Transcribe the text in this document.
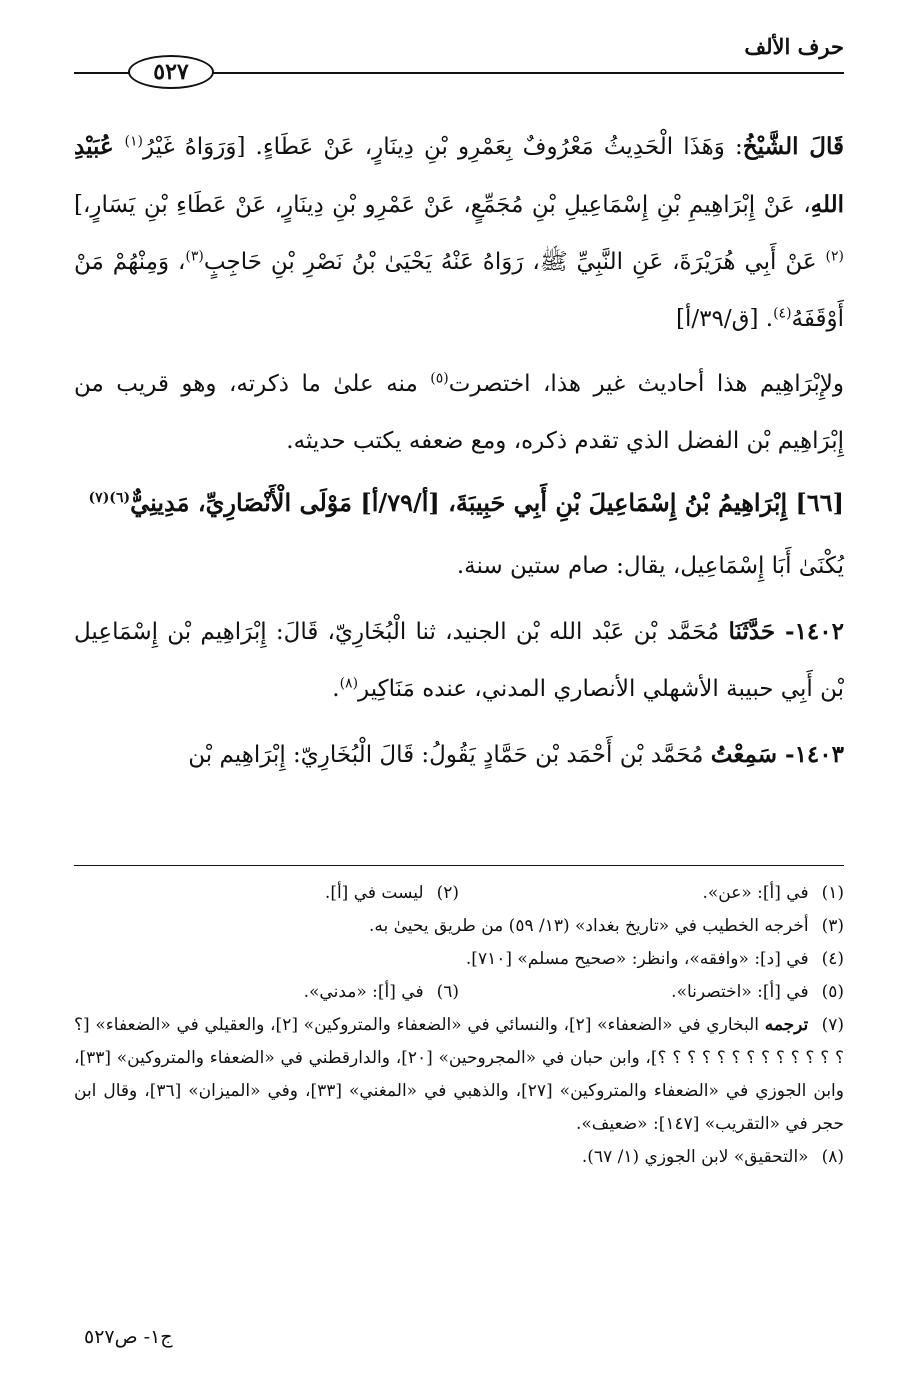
حرف الألف
٥٢٧

قَالَ الشَّيْخُ: وَهَذَا الْحَدِيثُ مَعْرُوفٌ بِعَمْرِو بْنِ دِينَارٍ، عَنْ عَطَاءٍ. [وَرَوَاهُ غَيْرُ$^{(١)}$ عُبَيْدِ اللهِ، عَنْ إِبْرَاهِيمِ بْنِ إِسْمَاعِيلِ بْنِ مُجَمِّعٍ، عَنْ عَمْرِو بْنِ دِينَارٍ، عَنْ عَطَاءِ بْنِ يَسَارٍ،]$^{(٢)}$ عَنْ أَبِي هُرَيْرَةَ، عَنِ النَّبِيِّ ﷺ، رَوَاهُ عَنْهُ يَحْيَىٰ بْنُ نَصْرِ بْنِ حَاجِبٍ$^{(٣)}$، وَمِنْهُمْ مَنْ أَوْقَفَهُ$^{(٤)}$. [ق/٣٩/أ]

ولإِبْرَاهِيم هذا أحاديث غير هذا، اختصرت$^{(٥)}$ منه علىٰ ما ذكرته، وهو قريب من إِبْرَاهِيم بْن الفضل الذي تقدم ذكره، ومع ضعفه يكتب حديثه.

[٦٦] إِبْرَاهِيمُ بْنُ إِسْمَاعِيلَ بْنِ أَبِي حَبِيبَةَ، [أ/٧٩/أ] مَوْلَى الْأَنْصَارِيِّ، مَدِينِيٌّ$^{(٦)(٧)}$

يُكْنَىٰ أَبَا إِسْمَاعِيل، يقال: صام ستين سنة.

١٤٠٢- حَدَّثَنَا مُحَمَّد بْن عَبْد الله بْن الجنيد، ثنا الْبُخَارِيّ، قَالَ: إِبْرَاهِيم بْن إِسْمَاعِيل بْن أَبِي حبيبة الأشهلي الأنصاري المدني، عنده مَنَاكِير$^{(٨)}$.

١٤٠٣- سَمِعْتُ مُحَمَّد بْن أَحْمَد بْن حَمَّادٍ يَقُولُ: قَالَ الْبُخَارِيّ: إِبْرَاهِيم بْن

(١) في [أ]: «عن».

(٢) ليست في [أ].

(٣) أخرجه الخطيب في «تاريخ بغداد» (١٣/ ٥٩) من طريق يحيىٰ به.

(٤) في [د]: «وافقه»، وانظر: «صحيح مسلم» [٧١٠].

(٥) في [أ]: «اختصرنا».

(٦) في [أ]: «مدني».

(٧) ترجمه البخاري في «الضعفاء» [٢]، والنسائي في «الضعفاء والمتروكين» [٢]، والعقيلي في «الضعفاء» [؟ ؟ ؟ ؟ ؟ ؟ ؟ ؟ ؟ ؟ ؟ ؟ ؟ ؟]، وابن حبان في «المجروحين» [٢٠]، والدارقطني في «الضعفاء والمتروكين» [٣٣]، وابن الجوزي في «الضعفاء والمتروكين» [٢٧]، والذهبي في «المغني» [٣٣]، وفي «الميزان» [٣٦]، وقال ابن حجر في «التقريب» [١٤٧]: «ضعيف».

(٨) «التحقيق» لابن الجوزي (١/ ٦٧).

ج١- ص٥٢٧
